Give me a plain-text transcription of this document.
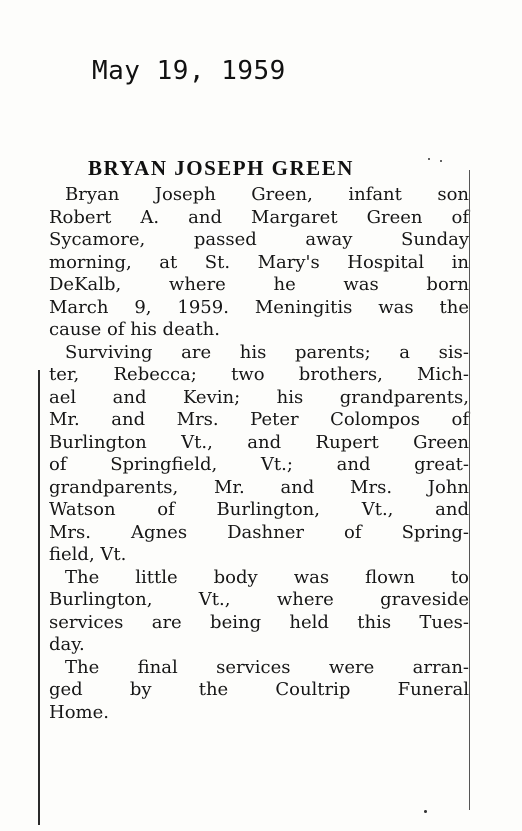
May 19, 1959
BRYAN JOSEPH GREEN

Bryan Joseph Green, infant son
Robert A. and Margaret Green of
Sycamore, passed away Sunday
morning, at St. Mary's Hospital in
DeKalb, where he was born
March 9, 1959. Meningitis was the
cause of his death.

Surviving are his parents; a sis-
ter, Rebecca; two brothers, Mich-
ael and Kevin; his grandparents,
Mr. and Mrs. Peter Colompos of
Burlington Vt., and Rupert Green
of Springfield, Vt.; and great-
grandparents, Mr. and Mrs. John
Watson of Burlington, Vt., and
Mrs. Agnes Dashner of Spring-
field, Vt.

The little body was flown to
Burlington, Vt., where graveside
services are being held this Tues-
day.

The final services were arran-
ged by the Coultrip Funeral
Home.
